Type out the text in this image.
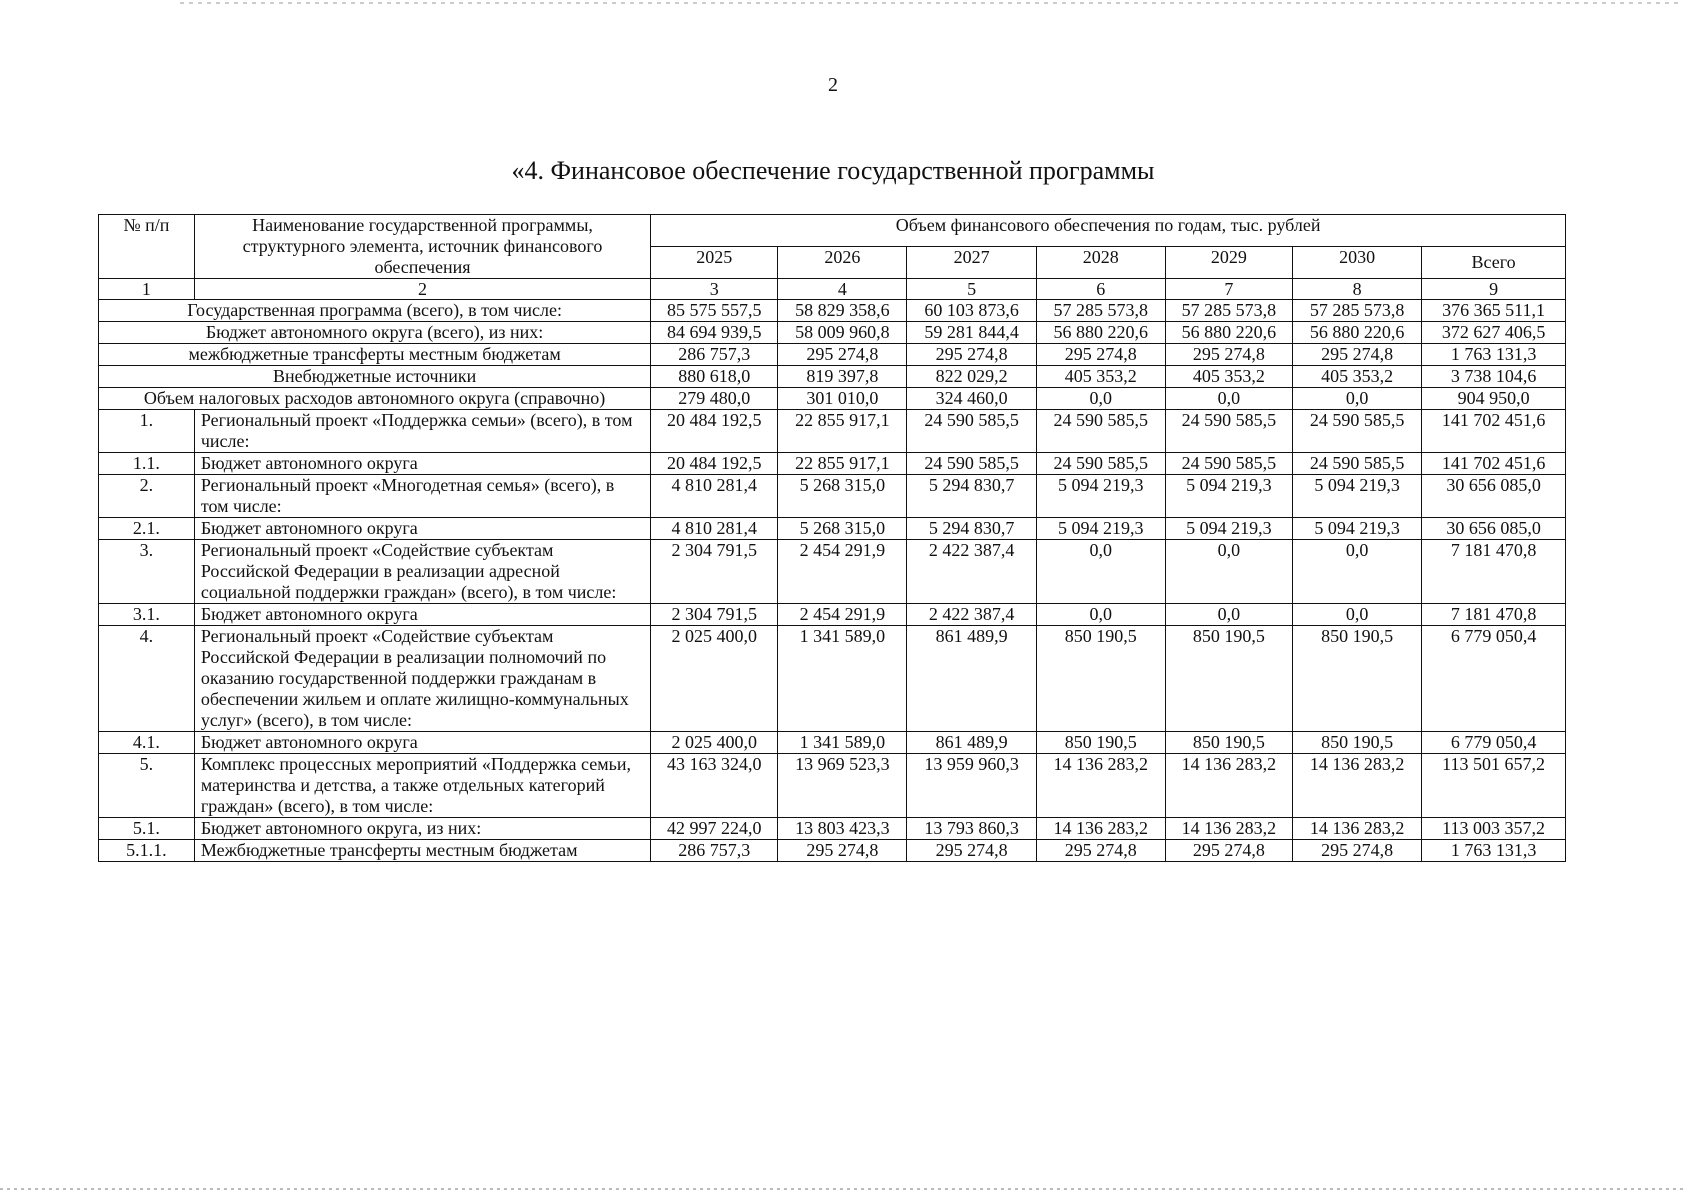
2
«4. Финансовое обеспечение государственной программы
№ п/п	Наименование государственной программы, структурного элемента, источник финансового обеспечения	Объем финансового обеспечения по годам, тыс. рублей						
		2025	2026	2027	2028	2029	2030	Всего
1	2	3	4	5	6	7	8	9
Государственная программа (всего), в том числе:		85 575 557,5	58 829 358,6	60 103 873,6	57 285 573,8	57 285 573,8	57 285 573,8	376 365 511,1
Бюджет автономного округа (всего), из них:		84 694 939,5	58 009 960,8	59 281 844,4	56 880 220,6	56 880 220,6	56 880 220,6	372 627 406,5
межбюджетные трансферты местным бюджетам		286 757,3	295 274,8	295 274,8	295 274,8	295 274,8	295 274,8	1 763 131,3
Внебюджетные источники		880 618,0	819 397,8	822 029,2	405 353,2	405 353,2	405 353,2	3 738 104,6
Объем налоговых расходов автономного округа (справочно)		279 480,0	301 010,0	324 460,0	0,0	0,0	0,0	904 950,0
1.	Региональный проект «Поддержка семьи» (всего), в том числе:	20 484 192,5	22 855 917,1	24 590 585,5	24 590 585,5	24 590 585,5	24 590 585,5	141 702 451,6
1.1.	Бюджет автономного округа	20 484 192,5	22 855 917,1	24 590 585,5	24 590 585,5	24 590 585,5	24 590 585,5	141 702 451,6
2.	Региональный проект «Многодетная семья» (всего), в том числе:	4 810 281,4	5 268 315,0	5 294 830,7	5 094 219,3	5 094 219,3	5 094 219,3	30 656 085,0
2.1.	Бюджет автономного округа	4 810 281,4	5 268 315,0	5 294 830,7	5 094 219,3	5 094 219,3	5 094 219,3	30 656 085,0
3.	Региональный проект «Содействие субъектам Российской Федерации в реализации адресной социальной поддержки граждан» (всего), в том числе:	2 304 791,5	2 454 291,9	2 422 387,4	0,0	0,0	0,0	7 181 470,8
3.1.	Бюджет автономного округа	2 304 791,5	2 454 291,9	2 422 387,4	0,0	0,0	0,0	7 181 470,8
4.	Региональный проект «Содействие субъектам Российской Федерации в реализации полномочий по оказанию государственной поддержки гражданам в обеспечении жильем и оплате жилищно-коммунальных услуг» (всего), в том числе:	2 025 400,0	1 341 589,0	861 489,9	850 190,5	850 190,5	850 190,5	6 779 050,4
4.1.	Бюджет автономного округа	2 025 400,0	1 341 589,0	861 489,9	850 190,5	850 190,5	850 190,5	6 779 050,4
5.	Комплекс процессных мероприятий «Поддержка семьи, материнства и детства, а также отдельных категорий граждан» (всего), в том числе:	43 163 324,0	13 969 523,3	13 959 960,3	14 136 283,2	14 136 283,2	14 136 283,2	113 501 657,2
5.1.	Бюджет автономного округа, из них:	42 997 224,0	13 803 423,3	13 793 860,3	14 136 283,2	14 136 283,2	14 136 283,2	113 003 357,2
5.1.1.	Межбюджетные трансферты местным бюджетам	286 757,3	295 274,8	295 274,8	295 274,8	295 274,8	295 274,8	1 763 131,3
